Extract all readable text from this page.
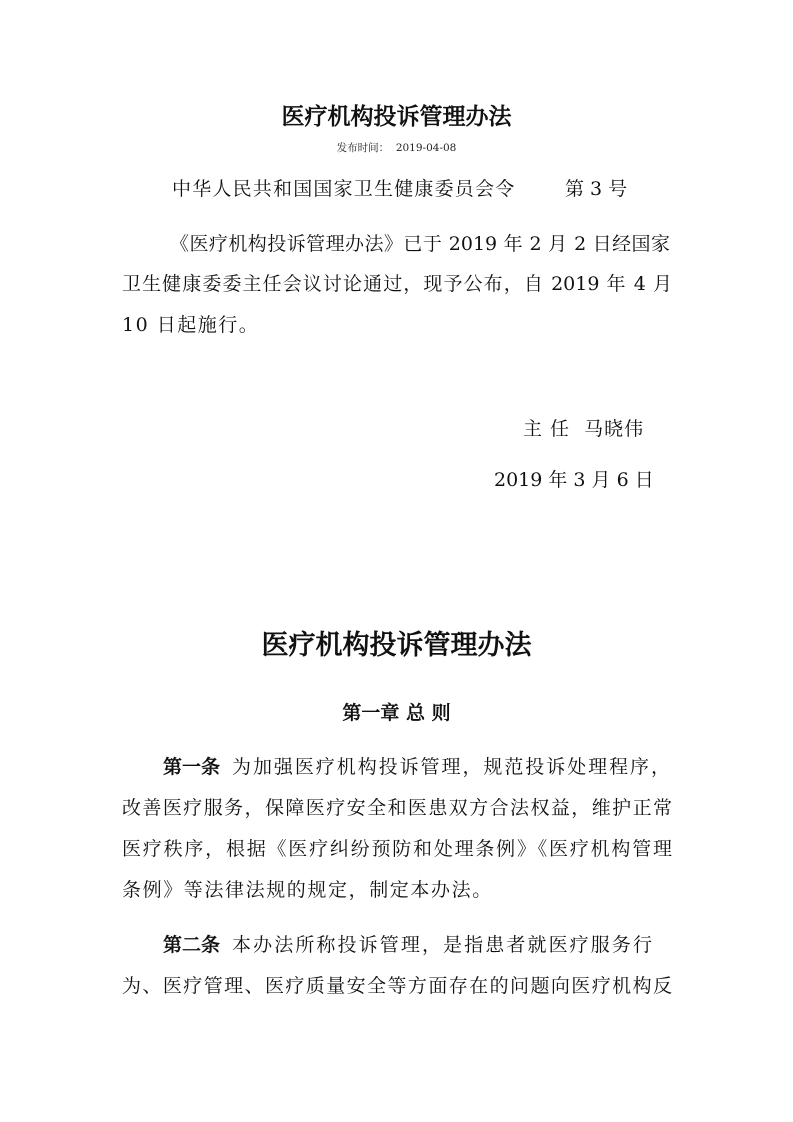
医疗机构投诉管理办法
发布时间： 2019-04-08
中华人民共和国国家卫生健康委员会令	第 3 号
《医疗机构投诉管理办法》已于 2019 年 2 月 2 日经国家
卫生健康委委主任会议讨论通过，现予公布，自 2019 年 4 月
10 日起施行。
主 任  马晓伟
2019 年 3 月 6 日
医疗机构投诉管理办法
第一章 总 则
第一条 为加强医疗机构投诉管理，规范投诉处理程序，
改善医疗服务，保障医疗安全和医患双方合法权益，维护正常
医疗秩序，根据《医疗纠纷预防和处理条例》《医疗机构管理
条例》等法律法规的规定，制定本办法。
第二条 本办法所称投诉管理，是指患者就医疗服务行
为、医疗管理、医疗质量安全等方面存在的问题向医疗机构反
